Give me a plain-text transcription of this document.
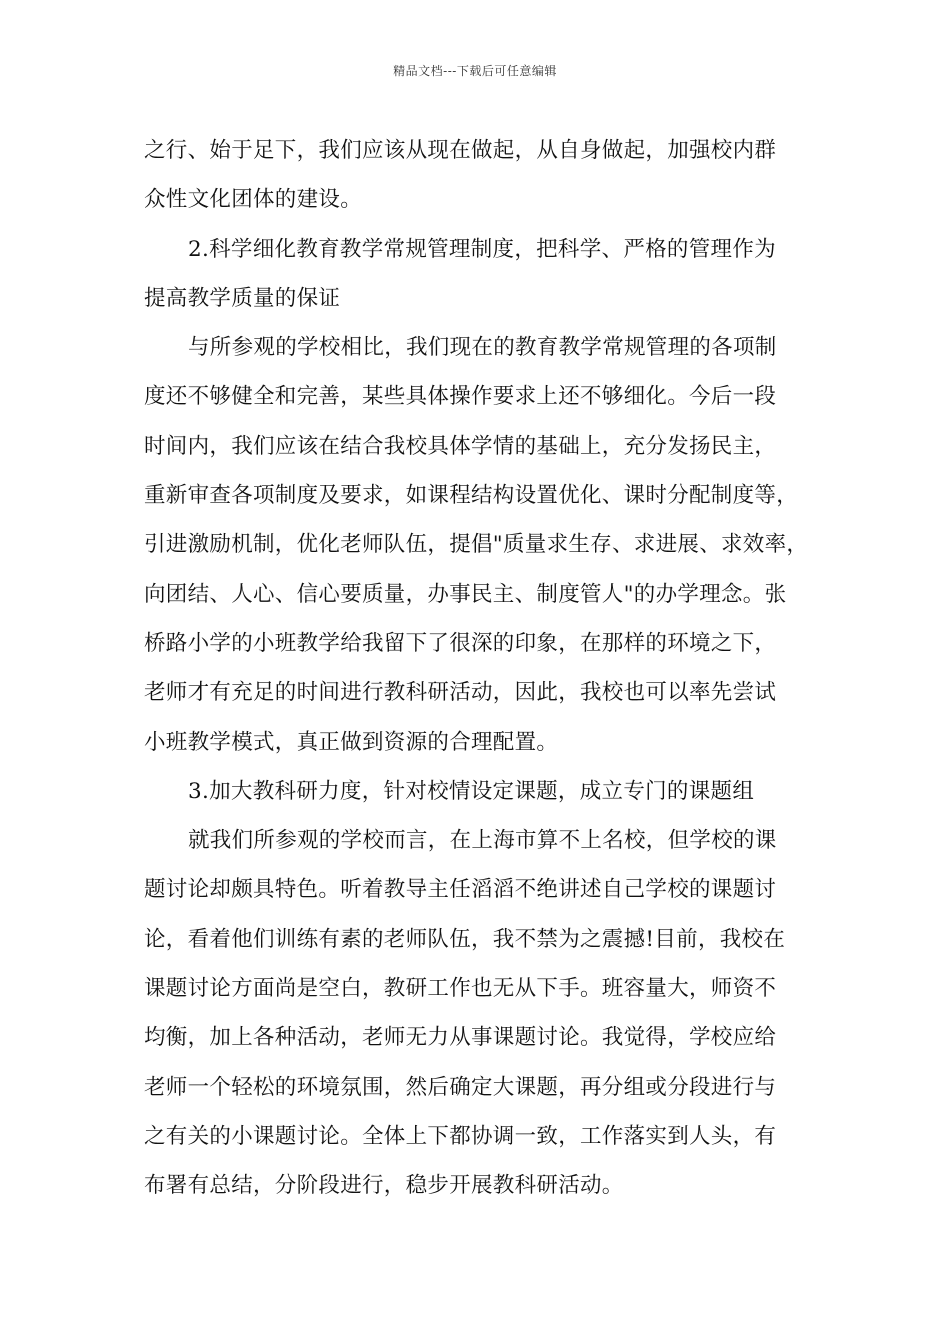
精品文档---下载后可任意编辑
之行、始于足下，我们应该从现在做起，从自身做起，加强校内群
众性文化团体的建设。
2.科学细化教育教学常规管理制度，把科学、严格的管理作为
提高教学质量的保证
与所参观的学校相比，我们现在的教育教学常规管理的各项制
度还不够健全和完善，某些具体操作要求上还不够细化。今后一段
时间内，我们应该在结合我校具体学情的基础上，充分发扬民主，
重新审查各项制度及要求，如课程结构设置优化、课时分配制度等，
引进激励机制，优化老师队伍，提倡"质量求生存、求进展、求效率，
向团结、人心、信心要质量，办事民主、制度管人"的办学理念。张
桥路小学的小班教学给我留下了很深的印象，在那样的环境之下，
老师才有充足的时间进行教科研活动，因此，我校也可以率先尝试
小班教学模式，真正做到资源的合理配置。
3.加大教科研力度，针对校情设定课题，成立专门的课题组
就我们所参观的学校而言，在上海市算不上名校，但学校的课
题讨论却颇具特色。听着教导主任滔滔不绝讲述自己学校的课题讨
论，看着他们训练有素的老师队伍，我不禁为之震撼!目前，我校在
课题讨论方面尚是空白，教研工作也无从下手。班容量大，师资不
均衡，加上各种活动，老师无力从事课题讨论。我觉得，学校应给
老师一个轻松的环境氛围，然后确定大课题，再分组或分段进行与
之有关的小课题讨论。全体上下都协调一致，工作落实到人头，有
布署有总结，分阶段进行，稳步开展教科研活动。
